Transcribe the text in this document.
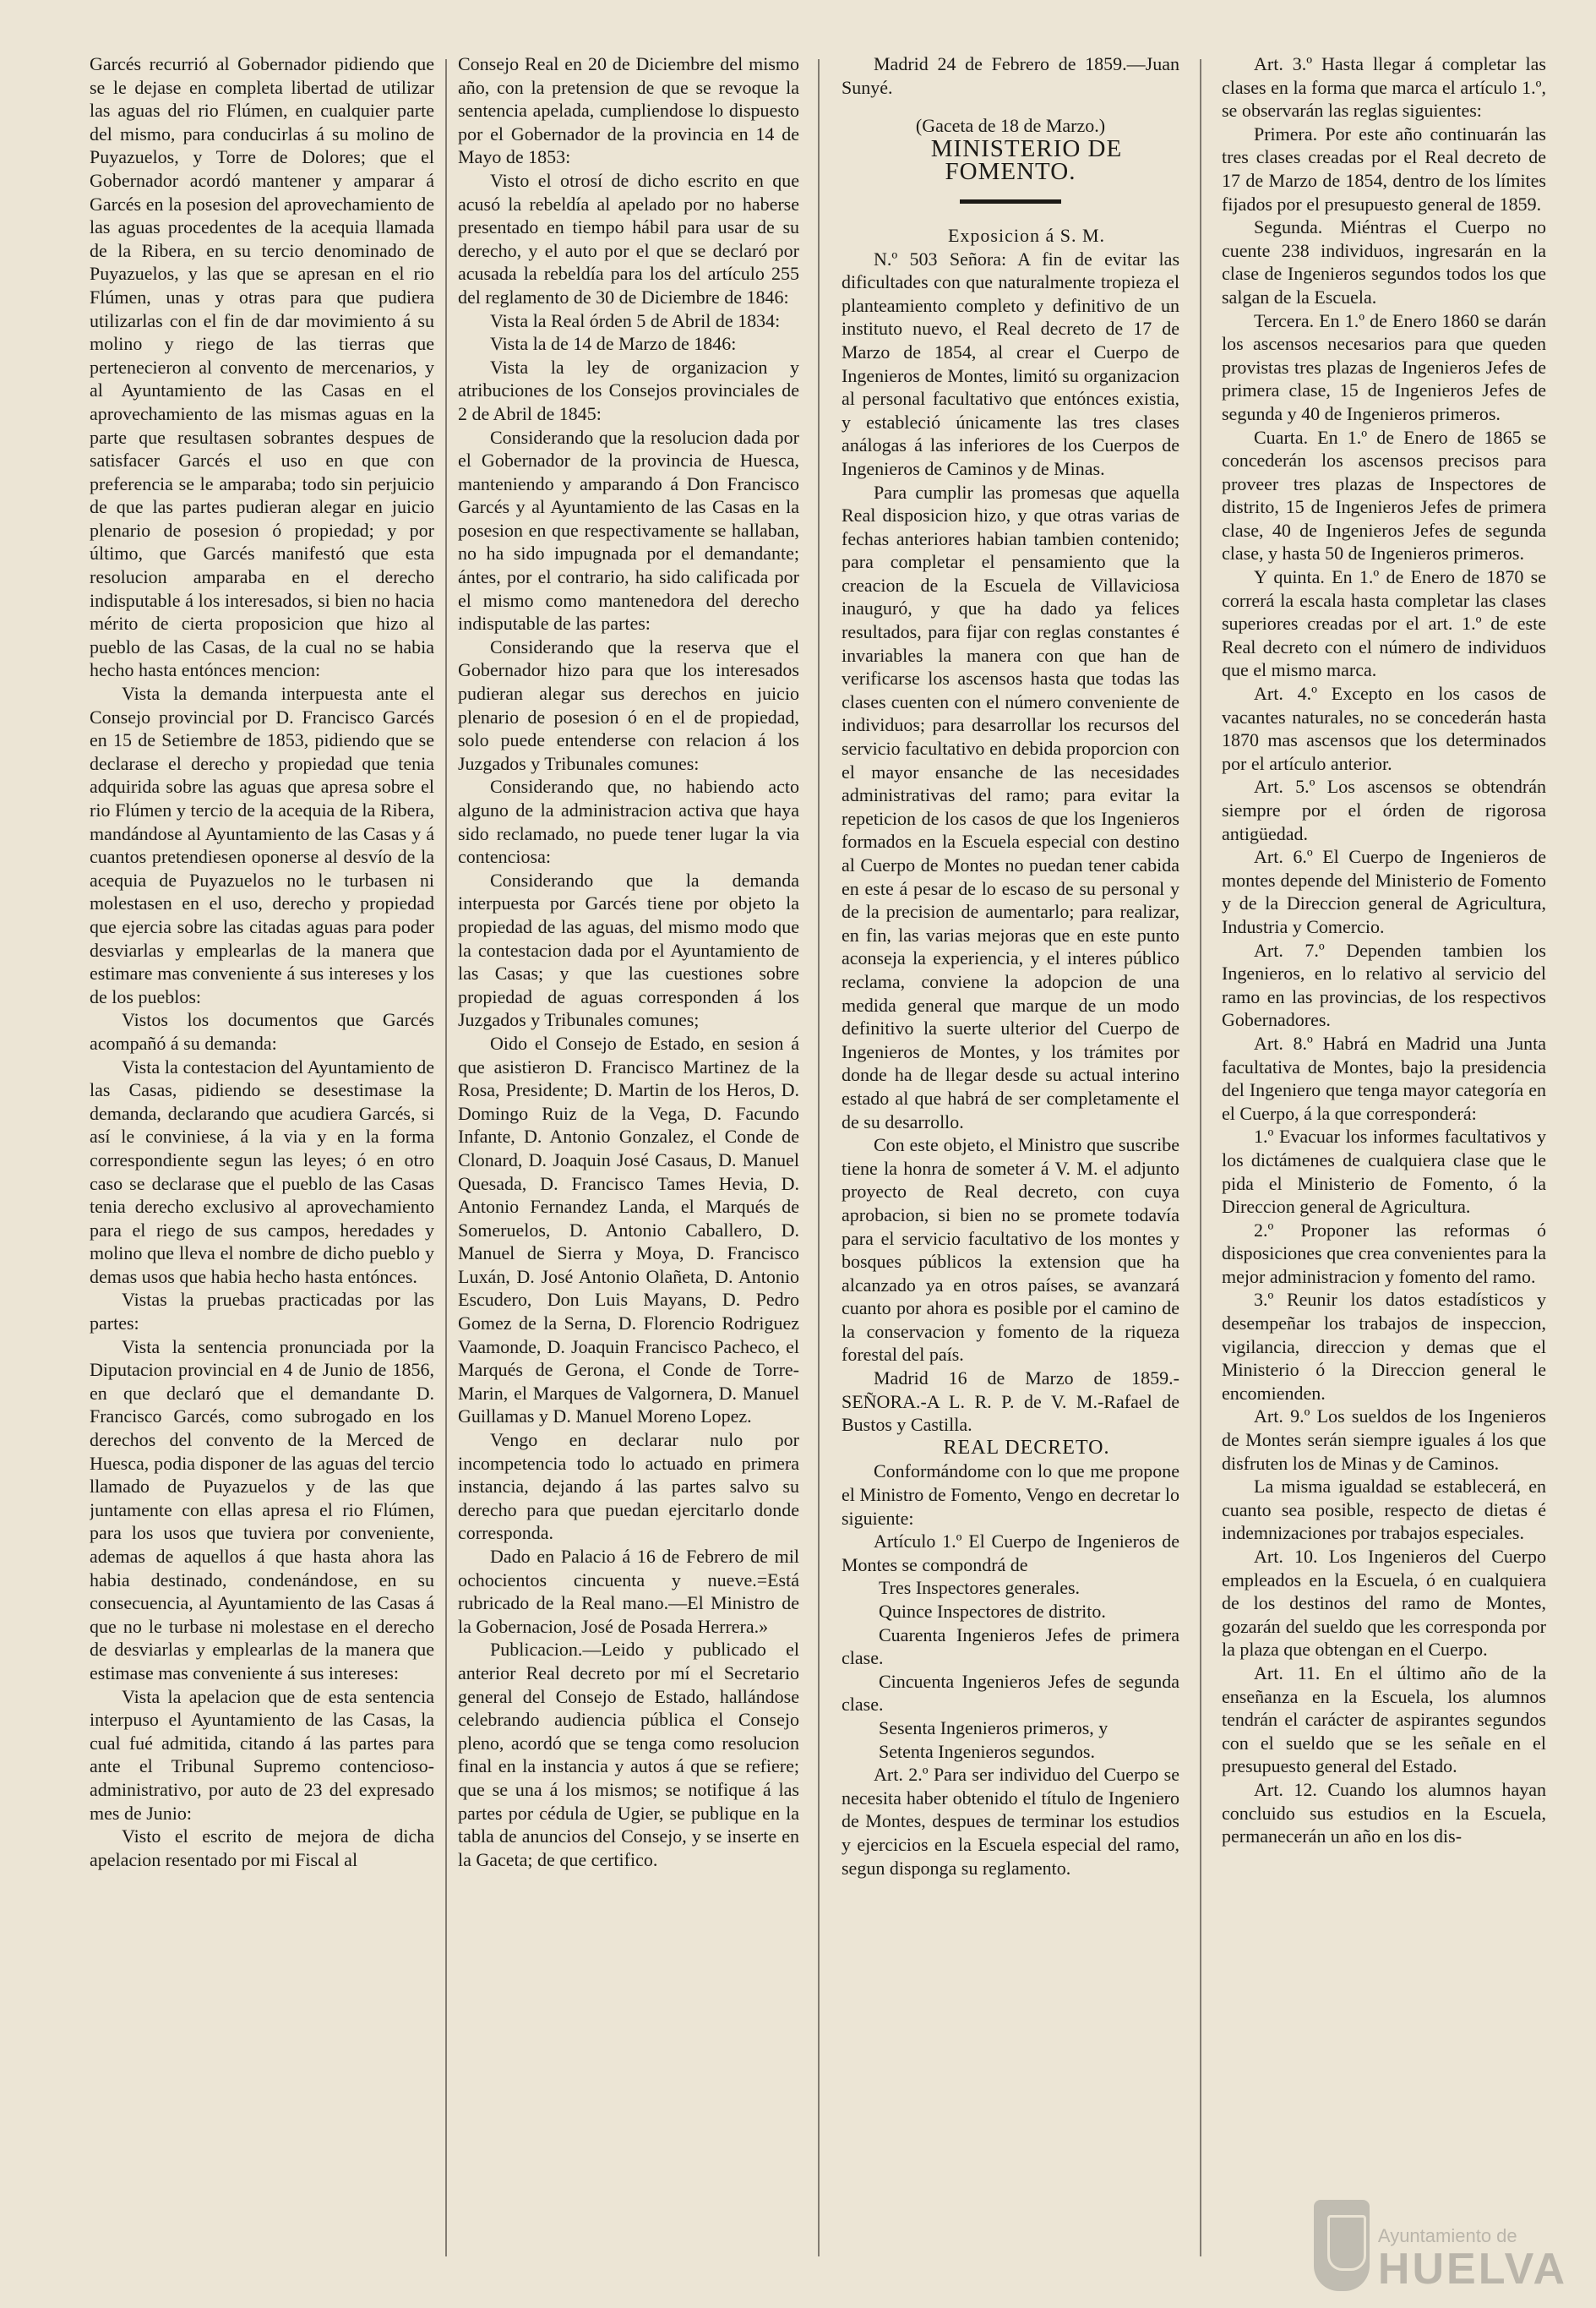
Garcés recurrió al Gobernador pidiendo que se le dejase en completa libertad de utilizar las aguas del rio Flúmen, en cualquier parte del mismo, para conducirlas á su molino de Puyazuelos, y Torre de Dolores; que el Gobernador acordó mantener y amparar á Garcés en la posesion del aprovechamiento de las aguas procedentes de la acequia llamada de la Ribera, en su tercio denominado de Puyazuelos, y las que se apresan en el rio Flúmen, unas y otras para que pudiera utilizarlas con el fin de dar movimiento á su molino y riego de las tierras que pertenecieron al convento de mercenarios, y al Ayuntamiento de las Casas en el aprovechamiento de las mismas aguas en la parte que resultasen sobrantes despues de satisfacer Garcés el uso en que con preferencia se le amparaba; todo sin perjuicio de que las partes pudieran alegar en juicio plenario de posesion ó propiedad; y por último, que Garcés manifestó que esta resolucion amparaba en el derecho indisputable á los interesados, si bien no hacia mérito de cierta proposicion que hizo al pueblo de las Casas, de la cual no se habia hecho hasta entónces mencion:

Vista la demanda interpuesta ante el Consejo provincial por D. Francisco Garcés en 15 de Setiembre de 1853, pidiendo que se declarase el derecho y propiedad que tenia adquirida sobre las aguas que apresa sobre el rio Flúmen y tercio de la acequia de la Ribera, mandándose al Ayuntamiento de las Casas y á cuantos pretendiesen oponerse al desvío de la acequia de Puyazuelos no le turbasen ni molestasen en el uso, derecho y propiedad que ejercia sobre las citadas aguas para poder desviarlas y emplearlas de la manera que estimare mas conveniente á sus intereses y los de los pueblos:

Vistos los documentos que Garcés acompañó á su demanda:

Vista la contestacion del Ayuntamiento de las Casas, pidiendo se desestimase la demanda, declarando que acudiera Garcés, si así le conviniese, á la via y en la forma correspondiente segun las leyes; ó en otro caso se declarase que el pueblo de las Casas tenia derecho exclusivo al aprovechamiento para el riego de sus campos, heredades y molino que lleva el nombre de dicho pueblo y demas usos que habia hecho hasta entónces.

Vistas la pruebas practicadas por las partes:

Vista la sentencia pronunciada por la Diputacion provincial en 4 de Junio de 1856, en que declaró que el demandante D. Francisco Garcés, como subrogado en los derechos del convento de la Merced de Huesca, podia disponer de las aguas del tercio llamado de Puyazuelos y de las que juntamente con ellas apresa el rio Flúmen, para los usos que tuviera por conveniente, ademas de aquellos á que hasta ahora las habia destinado, condenándose, en su consecuencia, al Ayuntamiento de las Casas á que no le turbase ni molestase en el derecho de desviarlas y emplearlas de la manera que estimase mas conveniente á sus intereses:

Vista la apelacion que de esta sentencia interpuso el Ayuntamiento de las Casas, la cual fué admitida, citando á las partes para ante el Tribunal Supremo contencioso-administrativo, por auto de 23 del expresado mes de Junio:

Visto el escrito de mejora de dicha apelacion resentado por mi Fiscal al

Consejo Real en 20 de Diciembre del mismo año, con la pretension de que se revoque la sentencia apelada, cumpliendose lo dispuesto por el Gobernador de la provincia en 14 de Mayo de 1853:

Visto el otrosí de dicho escrito en que acusó la rebeldía al apelado por no haberse presentado en tiempo hábil para usar de su derecho, y el auto por el que se declaró por acusada la rebeldía para los del artículo 255 del reglamento de 30 de Diciembre de 1846:

Vista la Real órden 5 de Abril de 1834:

Vista la de 14 de Marzo de 1846:

Vista la ley de organizacion y atribuciones de los Consejos provinciales de 2 de Abril de 1845:

Considerando que la resolucion dada por el Gobernador de la provincia de Huesca, manteniendo y amparando á Don Francisco Garcés y al Ayuntamiento de las Casas en la posesion en que respectivamente se hallaban, no ha sido impugnada por el demandante; ántes, por el contrario, ha sido calificada por el mismo como mantenedora del derecho indisputable de las partes:

Considerando que la reserva que el Gobernador hizo para que los interesados pudieran alegar sus derechos en juicio plenario de posesion ó en el de propiedad, solo puede entenderse con relacion á los Juzgados y Tribunales comunes:

Considerando que, no habiendo acto alguno de la administracion activa que haya sido reclamado, no puede tener lugar la via contenciosa:

Considerando que la demanda interpuesta por Garcés tiene por objeto la propiedad de las aguas, del mismo modo que la contestacion dada por el Ayuntamiento de las Casas; y que las cuestiones sobre propiedad de aguas corresponden á los Juzgados y Tribunales comunes;

Oido el Consejo de Estado, en sesion á que asistieron D. Francisco Martinez de la Rosa, Presidente; D. Martin de los Heros, D. Domingo Ruiz de la Vega, D. Facundo Infante, D. Antonio Gonzalez, el Conde de Clonard, D. Joaquin José Casaus, D. Manuel Quesada, D. Francisco Tames Hevia, D. Antonio Fernandez Landa, el Marqués de Someruelos, D. Antonio Caballero, D. Manuel de Sierra y Moya, D. Francisco Luxán, D. José Antonio Olañeta, D. Antonio Escudero, Don Luis Mayans, D. Pedro Gomez de la Serna, D. Florencio Rodriguez Vaamonde, D. Joaquin Francisco Pacheco, el Marqués de Gerona, el Conde de Torre-Marin, el Marques de Valgornera, D. Manuel Guillamas y D. Manuel Moreno Lopez.

Vengo en declarar nulo por incompetencia todo lo actuado en primera instancia, dejando á las partes salvo su derecho para que puedan ejercitarlo donde corresponda.

Dado en Palacio á 16 de Febrero de mil ochocientos cincuenta y nueve.=Está rubricado de la Real mano.—El Ministro de la Gobernacion, José de Posada Herrera.»

Publicacion.—Leido y publicado el anterior Real decreto por mí el Secretario general del Consejo de Estado, hallándose celebrando audiencia pública el Consejo pleno, acordó que se tenga como resolucion final en la instancia y autos á que se refiere; que se una á los mismos; se notifique á las partes por cédula de Ugier, se publique en la tabla de anuncios del Consejo, y se inserte en la Gaceta; de que certifico.

Madrid 24 de Febrero de 1859.—Juan Sunyé.

(Gaceta de 18 de Marzo.)

MINISTERIO DE FOMENTO.

Exposicion á S. M.

N.º 503 Señora: A fin de evitar las dificultades con que naturalmente tropieza el planteamiento completo y definitivo de un instituto nuevo, el Real decreto de 17 de Marzo de 1854, al crear el Cuerpo de Ingenieros de Montes, limitó su organizacion al personal facultativo que entónces existia, y estableció únicamente las tres clases análogas á las inferiores de los Cuerpos de Ingenieros de Caminos y de Minas.

Para cumplir las promesas que aquella Real disposicion hizo, y que otras varias de fechas anteriores habian tambien contenido; para completar el pensamiento que la creacion de la Escuela de Villaviciosa inauguró, y que ha dado ya felices resultados, para fijar con reglas constantes é invariables la manera con que han de verificarse los ascensos hasta que todas las clases cuenten con el número conveniente de individuos; para desarrollar los recursos del servicio facultativo en debida proporcion con el mayor ensanche de las necesidades administrativas del ramo; para evitar la repeticion de los casos de que los Ingenieros formados en la Escuela especial con destino al Cuerpo de Montes no puedan tener cabida en este á pesar de lo escaso de su personal y de la precision de aumentarlo; para realizar, en fin, las varias mejoras que en este punto aconseja la experiencia, y el interes público reclama, conviene la adopcion de una medida general que marque de un modo definitivo la suerte ulterior del Cuerpo de Ingenieros de Montes, y los trámites por donde ha de llegar desde su actual interino estado al que habrá de ser completamente el de su desarrollo.

Con este objeto, el Ministro que suscribe tiene la honra de someter á V. M. el adjunto proyecto de Real decreto, con cuya aprobacion, si bien no se promete todavía para el servicio facultativo de los montes y bosques públicos la extension que ha alcanzado ya en otros países, se avanzará cuanto por ahora es posible por el camino de la conservacion y fomento de la riqueza forestal del país.

Madrid 16 de Marzo de 1859.-SEÑORA.-A L. R. P. de V. M.-Rafael de Bustos y Castilla.

REAL DECRETO.

Conformándome con lo que me propone el Ministro de Fomento, Vengo en decretar lo siguiente:

Artículo 1.º El Cuerpo de Ingenieros de Montes se compondrá de

Tres Inspectores generales.

Quince Inspectores de distrito.

Cuarenta Ingenieros Jefes de primera clase.

Cincuenta Ingenieros Jefes de segunda clase.

Sesenta Ingenieros primeros, y

Setenta Ingenieros segundos.

Art. 2.º Para ser individuo del Cuerpo se necesita haber obtenido el título de Ingeniero de Montes, despues de terminar los estudios y ejercicios en la Escuela especial del ramo, segun disponga su reglamento.

Art. 3.º Hasta llegar á completar las clases en la forma que marca el artículo 1.º, se observarán las reglas siguientes:

Primera. Por este año continuarán las tres clases creadas por el Real decreto de 17 de Marzo de 1854, dentro de los límites fijados por el presupuesto general de 1859.

Segunda. Miéntras el Cuerpo no cuente 238 individuos, ingresarán en la clase de Ingenieros segundos todos los que salgan de la Escuela.

Tercera. En 1.º de Enero 1860 se darán los ascensos necesarios para que queden provistas tres plazas de Ingenieros Jefes de primera clase, 15 de Ingenieros Jefes de segunda y 40 de Ingenieros primeros.

Cuarta. En 1.º de Enero de 1865 se concederán los ascensos precisos para proveer tres plazas de Inspectores de distrito, 15 de Ingenieros Jefes de primera clase, 40 de Ingenieros Jefes de segunda clase, y hasta 50 de Ingenieros primeros.

Y quinta. En 1.º de Enero de 1870 se correrá la escala hasta completar las clases superiores creadas por el art. 1.º de este Real decreto con el número de individuos que el mismo marca.

Art. 4.º Excepto en los casos de vacantes naturales, no se concederán hasta 1870 mas ascensos que los determinados por el artículo anterior.

Art. 5.º Los ascensos se obtendrán siempre por el órden de rigorosa antigüedad.

Art. 6.º El Cuerpo de Ingenieros de montes depende del Ministerio de Fomento y de la Direccion general de Agricultura, Industria y Comercio.

Art. 7.º Dependen tambien los Ingenieros, en lo relativo al servicio del ramo en las provincias, de los respectivos Gobernadores.

Art. 8.º Habrá en Madrid una Junta facultativa de Montes, bajo la presidencia del Ingeniero que tenga mayor categoría en el Cuerpo, á la que corresponderá:

1.º Evacuar los informes facultativos y los dictámenes de cualquiera clase que le pida el Ministerio de Fomento, ó la Direccion general de Agricultura.

2.º Proponer las reformas ó disposiciones que crea convenientes para la mejor administracion y fomento del ramo.

3.º Reunir los datos estadísticos y desempeñar los trabajos de inspeccion, vigilancia, direccion y demas que el Ministerio ó la Direccion general le encomienden.

Art. 9.º Los sueldos de los Ingenieros de Montes serán siempre iguales á los que disfruten los de Minas y de Caminos.

La misma igualdad se establecerá, en cuanto sea posible, respecto de dietas é indemnizaciones por trabajos especiales.

Art. 10. Los Ingenieros del Cuerpo empleados en la Escuela, ó en cualquiera de los destinos del ramo de Montes, gozarán del sueldo que les corresponda por la plaza que obtengan en el Cuerpo.

Art. 11. En el último año de la enseñanza en la Escuela, los alumnos tendrán el carácter de aspirantes segundos con el sueldo que se les señale en el presupuesto general del Estado.

Art. 12. Cuando los alumnos hayan concluido sus estudios en la Escuela, permanecerán un año en los dis-

Ayuntamiento de
HUELVA
